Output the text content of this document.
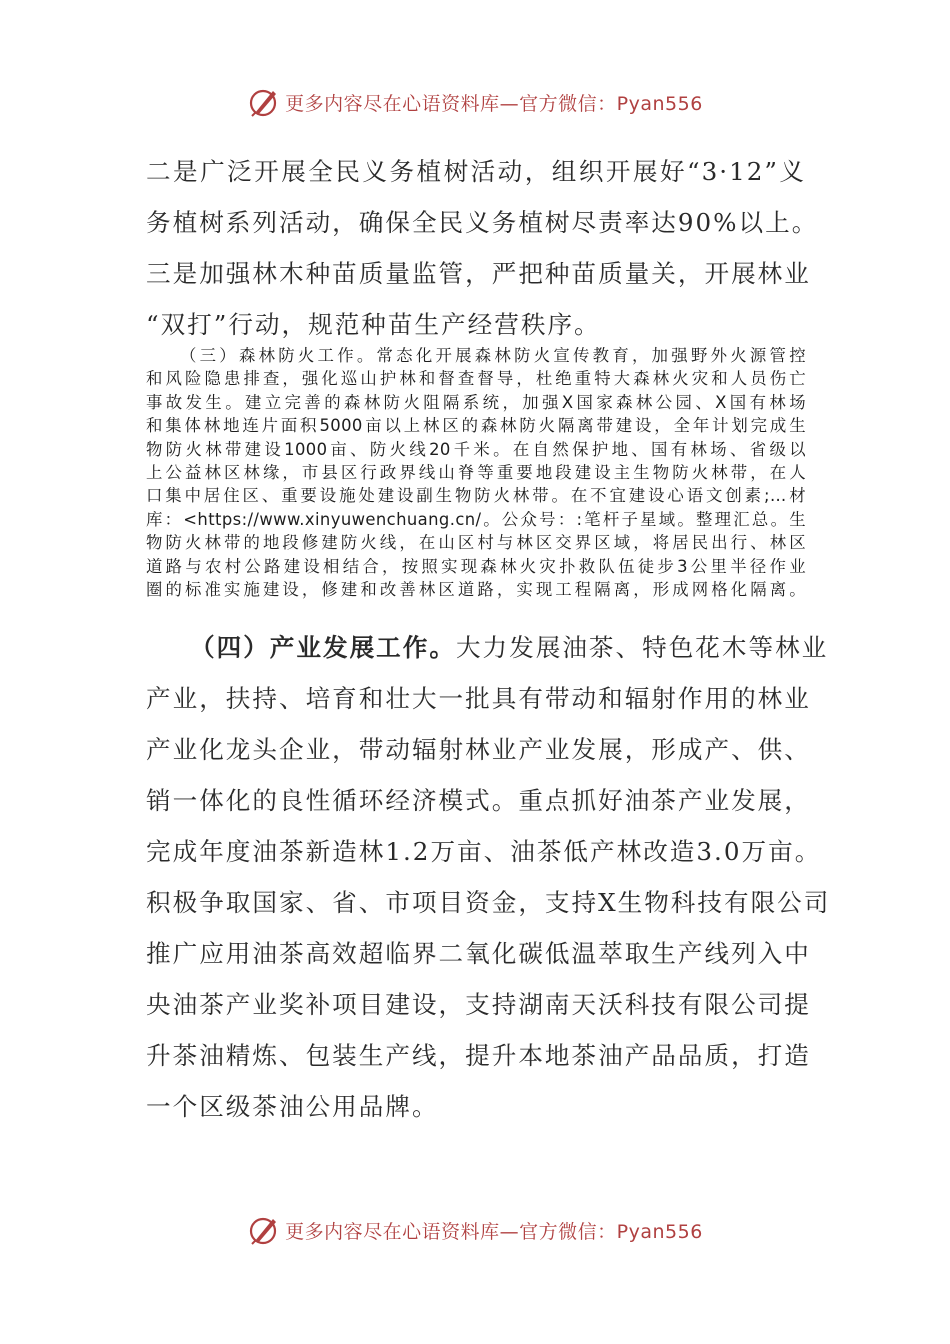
更多内容尽在心语资料库—官方微信：Pyan556
二是广泛开展全民义务植树活动，组织开展好“3·12”义
务植树系列活动，确保全民义务植树尽责率达90%以上。
三是加强林木种苗质量监管，严把种苗质量关，开展林业
“双打”行动，规范种苗生产经营秩序。
（三）森林防火工作。常态化开展森林防火宣传教育，加强野外火源管控
和风险隐患排查，强化巡山护林和督查督导，杜绝重特大森林火灾和人员伤亡
事故发生。建立完善的森林防火阻隔系统，加强X国家森林公园、X国有林场
和集体林地连片面积5000亩以上林区的森林防火隔离带建设，全年计划完成生
物防火林带建设1000亩、防火线20千米。在自然保护地、国有林场、省级以
上公益林区林缘，市县区行政界线山脊等重要地段建设主生物防火林带，在人
口集中居住区、重要设施处建设副生物防火林带。在不宜建设心语文创素;…材
库：<https://www.xinyuwenchuang.cn/。公众号：:笔杆子星域。整理汇总。生
物防火林带的地段修建防火线，在山区村与林区交界区域，将居民出行、林区
道路与农村公路建设相结合，按照实现森林火灾扑救队伍徒步3公里半径作业
圈的标准实施建设，修建和改善林区道路，实现工程隔离，形成网格化隔离。
（四）产业发展工作。大力发展油茶、特色花木等林业
产业，扶持、培育和壮大一批具有带动和辐射作用的林业
产业化龙头企业，带动辐射林业产业发展，形成产、供、
销一体化的良性循环经济模式。重点抓好油茶产业发展，
完成年度油茶新造林1.2万亩、油茶低产林改造3.0万亩。
积极争取国家、省、市项目资金，支持X生物科技有限公司
推广应用油茶高效超临界二氧化碳低温萃取生产线列入中
央油茶产业奖补项目建设，支持湖南天沃科技有限公司提
升茶油精炼、包装生产线，提升本地茶油产品品质，打造
一个区级茶油公用品牌。
更多内容尽在心语资料库—官方微信：Pyan556
